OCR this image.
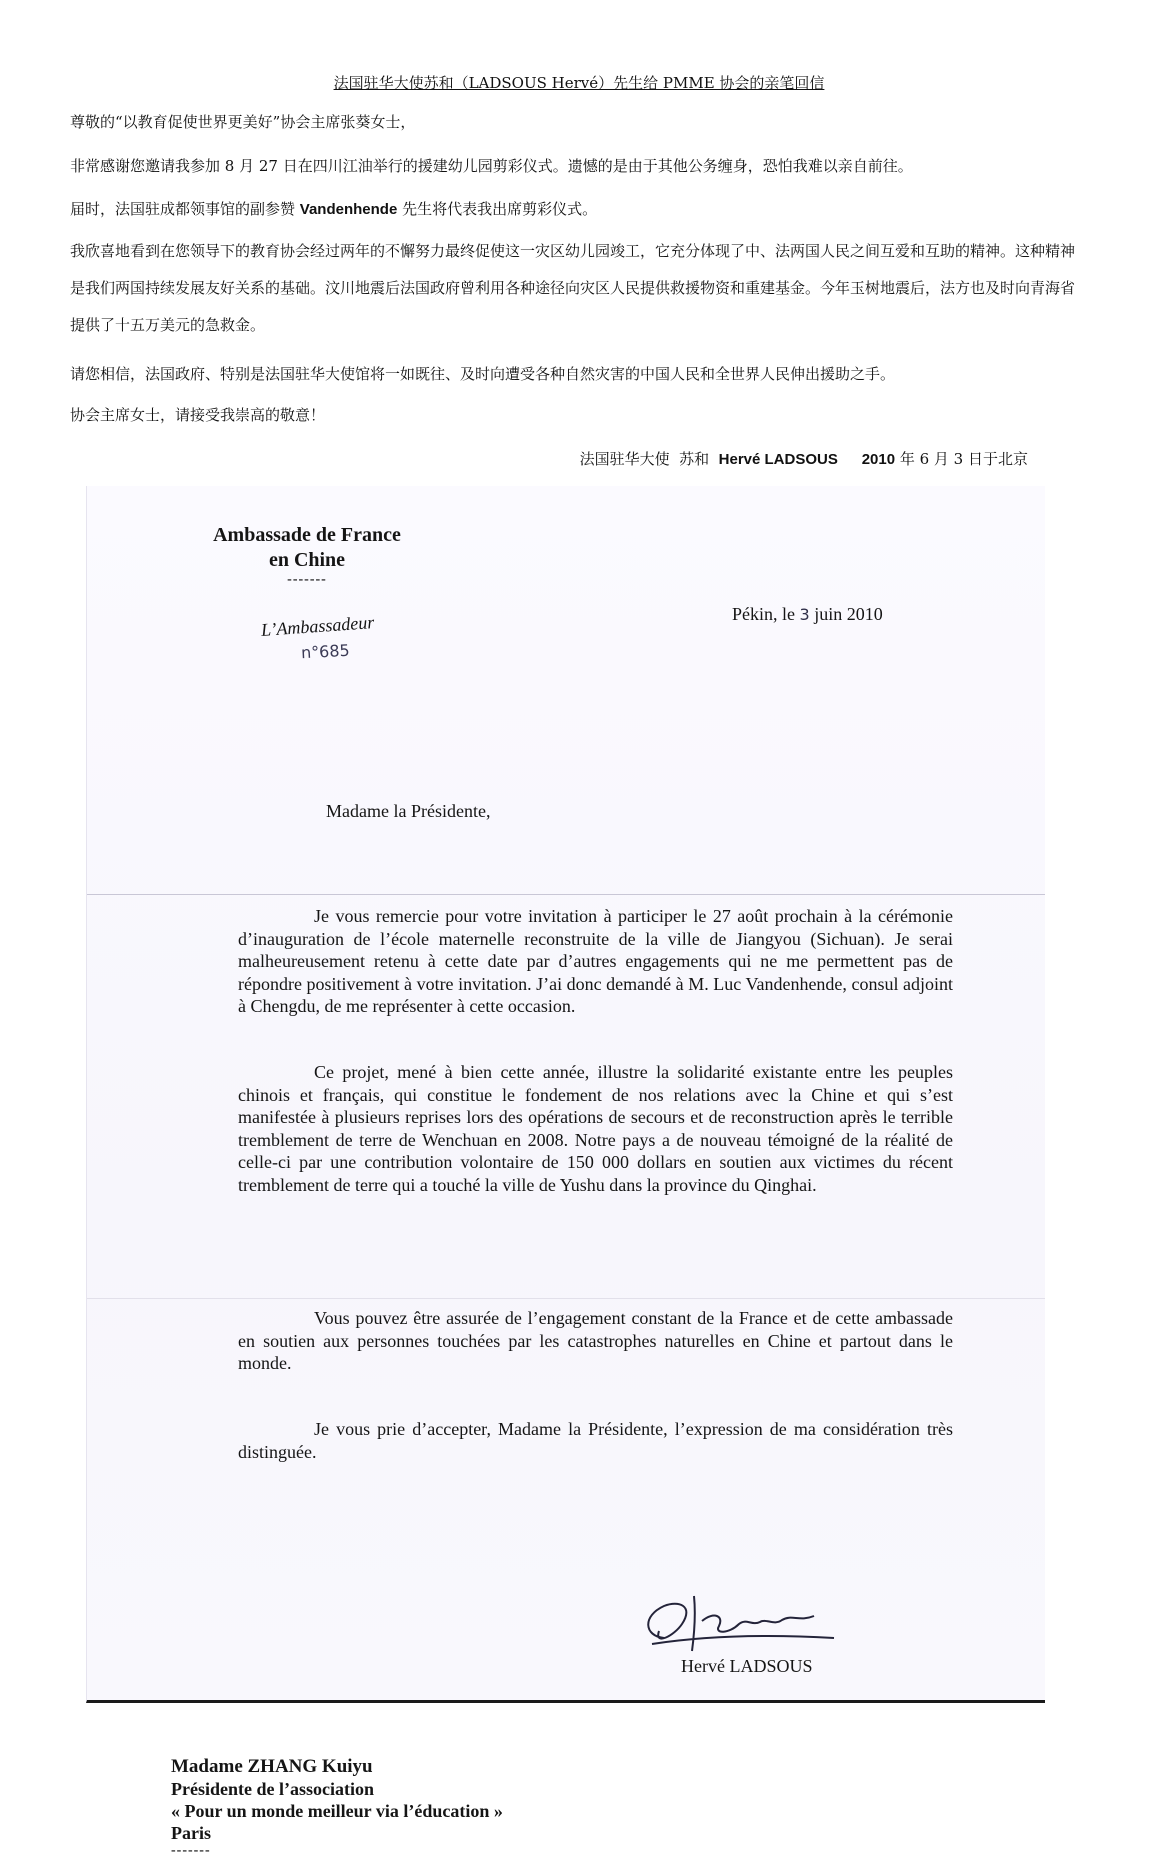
法国驻华大使苏和（LADSOUS Hervé）先生给 PMME 协会的亲笔回信
尊敬的“以教育促使世界更美好”协会主席张葵女士，
非常感谢您邀请我参加 8 月 27 日在四川江油举行的援建幼儿园剪彩仪式。遗憾的是由于其他公务缠身，恐怕我难以亲自前往。
届时，法国驻成都领事馆的副参赞 Vandenhende 先生将代表我出席剪彩仪式。
我欣喜地看到在您领导下的教育协会经过两年的不懈努力最终促使这一灾区幼儿园竣工，它充分体现了中、法两国人民之间互爱和互助的精神。这种精神是我们两国持续发展友好关系的基础。汶川地震后法国政府曾利用各种途径向灾区人民提供救援物资和重建基金。今年玉树地震后，法方也及时向青海省提供了十五万美元的急救金。
请您相信，法国政府、特别是法国驻华大使馆将一如既往、及时向遭受各种自然灾害的中国人民和全世界人民伸出援助之手。
协会主席女士，请接受我崇高的敬意！
法国驻华大使  苏和  Hervé LADSOUS 2010 年 6 月 3 日于北京
Ambassade de France
en Chine
-------
L’Ambassadeur
n°685
Pékin, le 3 juin 2010
Madame la Présidente,
Je vous remercie pour votre invitation à participer le 27 août prochain à la cérémonie d’inauguration de l’école maternelle reconstruite de la ville de Jiangyou (Sichuan). Je serai malheureusement retenu à cette date par d’autres engagements qui ne me permettent pas de répondre positivement à votre invitation. J’ai donc demandé à M. Luc Vandenhende, consul adjoint à Chengdu, de me représenter à cette occasion.
Ce projet, mené à bien cette année, illustre la solidarité existante entre les peuples chinois et français, qui constitue le fondement de nos relations avec la Chine et qui s’est manifestée à plusieurs reprises lors des opérations de secours et de reconstruction après le terrible tremblement de terre de Wenchuan en 2008. Notre pays a de nouveau témoigné de la réalité de celle-ci par une contribution volontaire de 150 000 dollars en soutien aux victimes du récent tremblement de terre qui a touché la ville de Yushu dans la province du Qinghai.
Vous pouvez être assurée de l’engagement constant de la France et de cette ambassade en soutien aux personnes touchées par les catastrophes naturelles en Chine et partout dans le monde.
Je vous prie d’accepter, Madame la Présidente, l’expression de ma considération très distinguée.
Hervé LADSOUS
Madame ZHANG Kuiyu
Présidente de l’association
« Pour un monde meilleur via l’éducation »
Paris
-------
